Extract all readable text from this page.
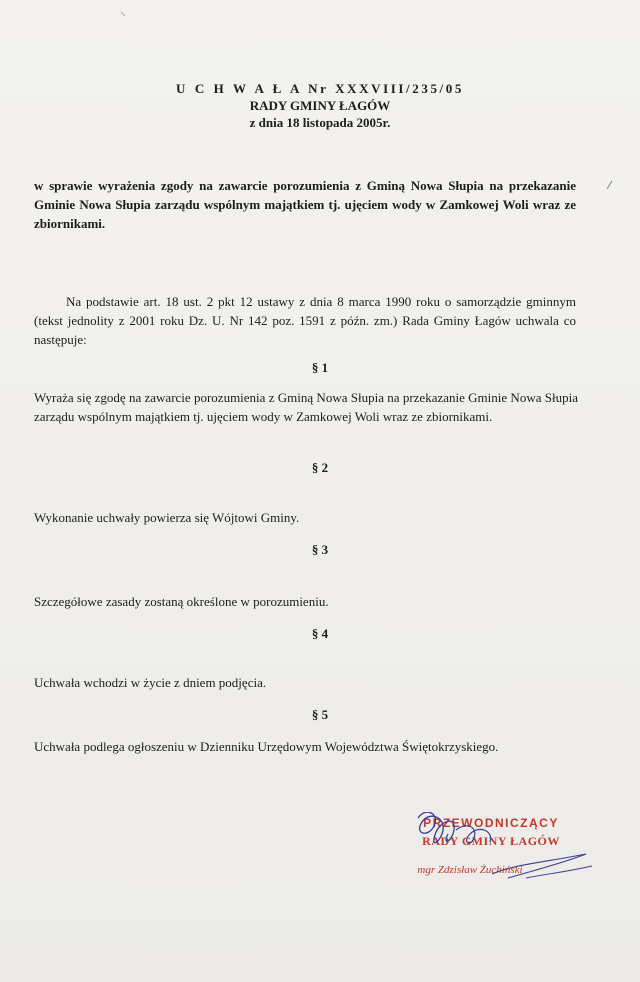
U C H W A Ł A Nr XXXVIII/235/05
RADY GMINY ŁAGÓW
z dnia 18 listopada 2005r.
w sprawie wyrażenia zgody na zawarcie porozumienia z Gminą Nowa Słupia na przekazanie Gminie Nowa Słupia zarządu wspólnym majątkiem tj. ujęciem wody w Zamkowej Woli wraz ze zbiornikami.
Na podstawie art. 18 ust. 2 pkt 12 ustawy z dnia 8 marca 1990 roku o samorządzie gminnym (tekst jednolity z 2001 roku Dz. U. Nr 142 poz. 1591 z późn. zm.) Rada Gminy Łagów uchwala co następuje:
§ 1
Wyraża się zgodę na zawarcie porozumienia z Gminą Nowa Słupia na przekazanie Gminie Nowa Słupia zarządu wspólnym majątkiem tj. ujęciem wody w Zamkowej Woli wraz ze zbiornikami.
§ 2
Wykonanie uchwały powierza się Wójtowi Gminy.
§ 3
Szczegółowe zasady zostaną określone w porozumieniu.
§ 4
Uchwała wchodzi w życie z dniem podjęcia.
§ 5
Uchwała podlega ogłoszeniu w Dzienniku Urzędowym Województwa Świętokrzyskiego.
PRZEWODNICZĄCY
RADY GMINY ŁAGÓW
mgr Zdzisław Żuchiński
